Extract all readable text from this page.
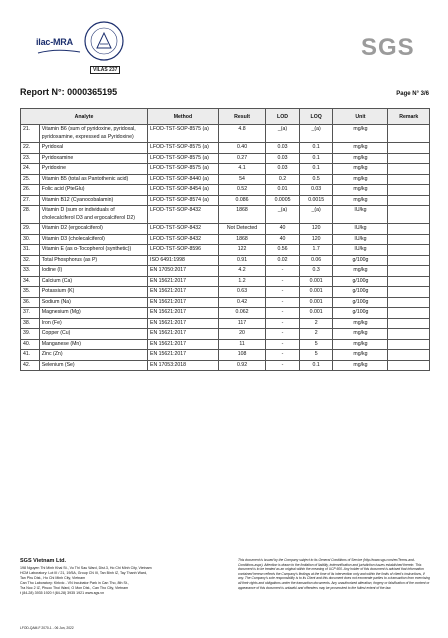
ilac-MRA
VILAS 237
SGS
Report N°: 0000365195	Page N° 3/6
Analyte		Method	Result	LOD	LOQ	Unit	Remark
21.	Vitamin B6 (sum of pyridoxine, pyridoxal, pyridoxamine, expressed as Pyridoxine)	LFOD-TST-SOP-8575 (a)	4.8	_(a)	_(a)	mg/kg	
22.	Pyridoxal	LFOD-TST-SOP-8575 (a)	0.40	0.03	0.1	mg/kg	
23.	Pyridoxamine	LFOD-TST-SOP-8575 (a)	0.27	0.03	0.1	mg/kg	
24.	Pyridoxine	LFOD-TST-SOP-8575 (a)	4.1	0.03	0.1	mg/kg	
25.	Vitamin B5 (total as Pantothenic acid)	LFOD-TST-SOP-8440 (a)	54	0.2	0.5	mg/kg	
26.	Folic acid (PteGlu)	LFOD-TST-SOP-8454 (a)	0.52	0.01	0.03	mg/kg	
27.	Vitamin B12 (Cyanocobalamin)	LFOD-TST-SOP-8574 (a)	0.086	0.0005	0.0015	mg/kg	
28.	Vitamin D (sum or individuals of cholecalciferol D3 and ergocalciferol D2)	LFOD-TST-SOP-8432	1868	_(a)	_(a)	IU/kg	
29.	Vitamin D2 (ergocalciferol)	LFOD-TST-SOP-8432	Not Detected	40	120	IU/kg	
30.	Vitamin D3 (cholecalciferol)	LFOD-TST-SOP-8432	1868	40	120	IU/kg	
31.	Vitamin E (as α-Tocopherol (synthetic))	LFOD-TST-SOP-8596	122	0.56	1.7	IU/kg	
32.	Total Phosphorus (as P)	ISO 6491:1998	0.91	0.02	0.06	g/100g	
33.	Iodine (I)	EN 17050:2017	4.2	-	0.3	mg/kg	
34.	Calcium (Ca)	EN 15621:2017	1.2	-	0.001	g/100g	
35.	Potassium (K)	EN 15621:2017	0.63	-	0.001	g/100g	
36.	Sodium (Na)	EN 15621:2017	0.42	-	0.001	g/100g	
37.	Magnesium (Mg)	EN 15621:2017	0.062	-	0.001	g/100g	
38.	Iron (Fe)	EN 15621:2017	117	-	2	mg/kg	
39.	Copper (Cu)	EN 15621:2017	20	-	2	mg/kg	
40.	Manganese (Mn)	EN 15621:2017	11	-	5	mg/kg	
41.	Zinc (Zn)	EN 15621:2017	108	-	5	mg/kg	
42.	Selenium (Se)	EN 17053:2018	0.92	-	0.1	mg/kg	
SGS Vietnam Ltd.
198 Nguyen Thi Minh Khai St., Vo Thi Sau Ward, Dist.3, Ho Chi Minh City, Vietnam
HCM Laboratory: Lot III / 21, 19/5A, Group CN III, Tan Binh IZ, Tay Thanh Ward,
Tan Phu Dist., Ho Chi Minh City, Vietnam
Can Tho Laboratory: Kirkvic - VN Incubator Park in Can Tho, 8th St.,
Tra Noc 2 IZ, Phuoc Thoi Ward, O Mon Dist., Can Tho City, Vietnam
t (84-28) 3935 1920 f (84-28) 3935 1921 www.sgs.vn
This document is issued by the Company subject to its General Conditions of Service (http://www.sgs.com/en/Terms-and-Conditions.aspx). Attention is drawn to the limitation of liability, indemnification and jurisdiction issues established therein. This document is to be treated as an original within the meaning of UCP 600. Any holder of this document is advised that information contained hereon reflects the Company's findings at the time of its intervention only and within the limits of client's instructions, if any. The Company's sole responsibility is to its Client and this document does not exonerate parties to a transaction from exercising all their rights and obligations under the transaction documents. Any unauthorized alteration, forgery or falsification of the content or appearance of this document is unlawful and offenders may be prosecuted to the fullest extent of the law.
LFOD-QAM-F 2070-1 - 06 Jun, 2022
